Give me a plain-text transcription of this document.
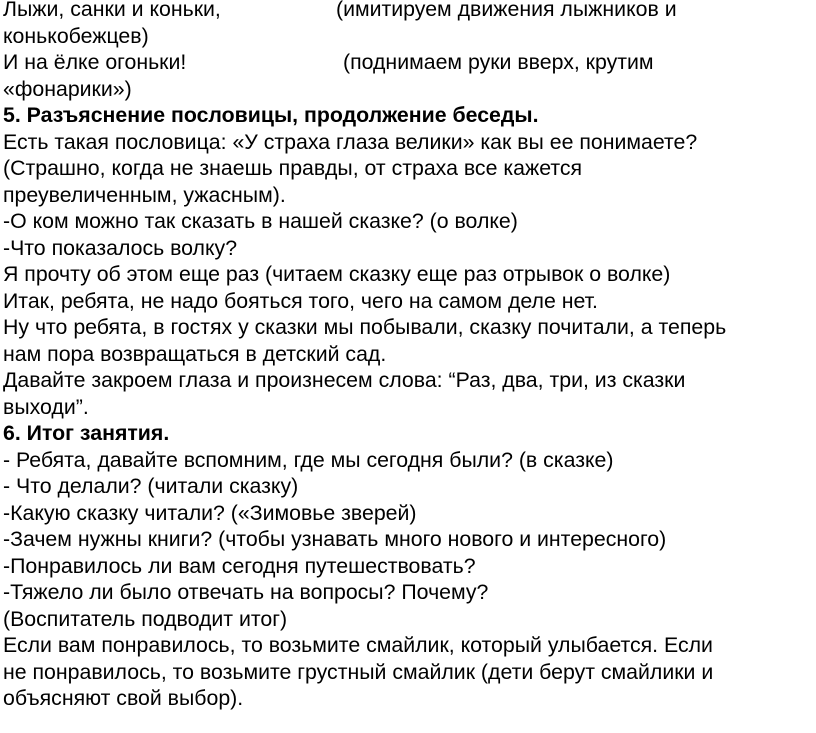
Лыжи, санки и коньки,	(имитируем движения лыжников и

конькобежцев)

И на ёлке огоньки!	(поднимаем руки вверх, крутим

«фонарики»)

5. Разъяснение пословицы, продолжение беседы.

Есть такая пословица: «У страха глаза велики» как вы ее понимаете?

(Страшно, когда не знаешь правды, от страха все кажется

преувеличенным, ужасным).

-О ком можно так сказать в нашей сказке? (о волке)

-Что показалось волку?

Я прочту об этом еще раз (читаем сказку еще раз отрывок о волке)

Итак, ребята, не надо бояться того, чего на самом деле нет.

Ну что ребята, в гостях у сказки мы побывали, сказку почитали, а теперь

нам пора возвращаться в детский сад.

Давайте закроем глаза и произнесем слова: “Раз, два, три, из сказки

выходи”.

6. Итог занятия.

- Ребята, давайте вспомним, где мы сегодня были? (в сказке)

- Что делали? (читали сказку)

-Какую сказку читали? («Зимовье зверей)

-Зачем нужны книги? (чтобы узнавать много нового и интересного)

-Понравилось ли вам сегодня путешествовать?

-Тяжело ли было отвечать на вопросы? Почему?

(Воспитатель подводит итог)

Если вам понравилось, то возьмите смайлик, который улыбается. Если

не понравилось, то возьмите грустный смайлик (дети берут смайлики и

объясняют свой выбор).
